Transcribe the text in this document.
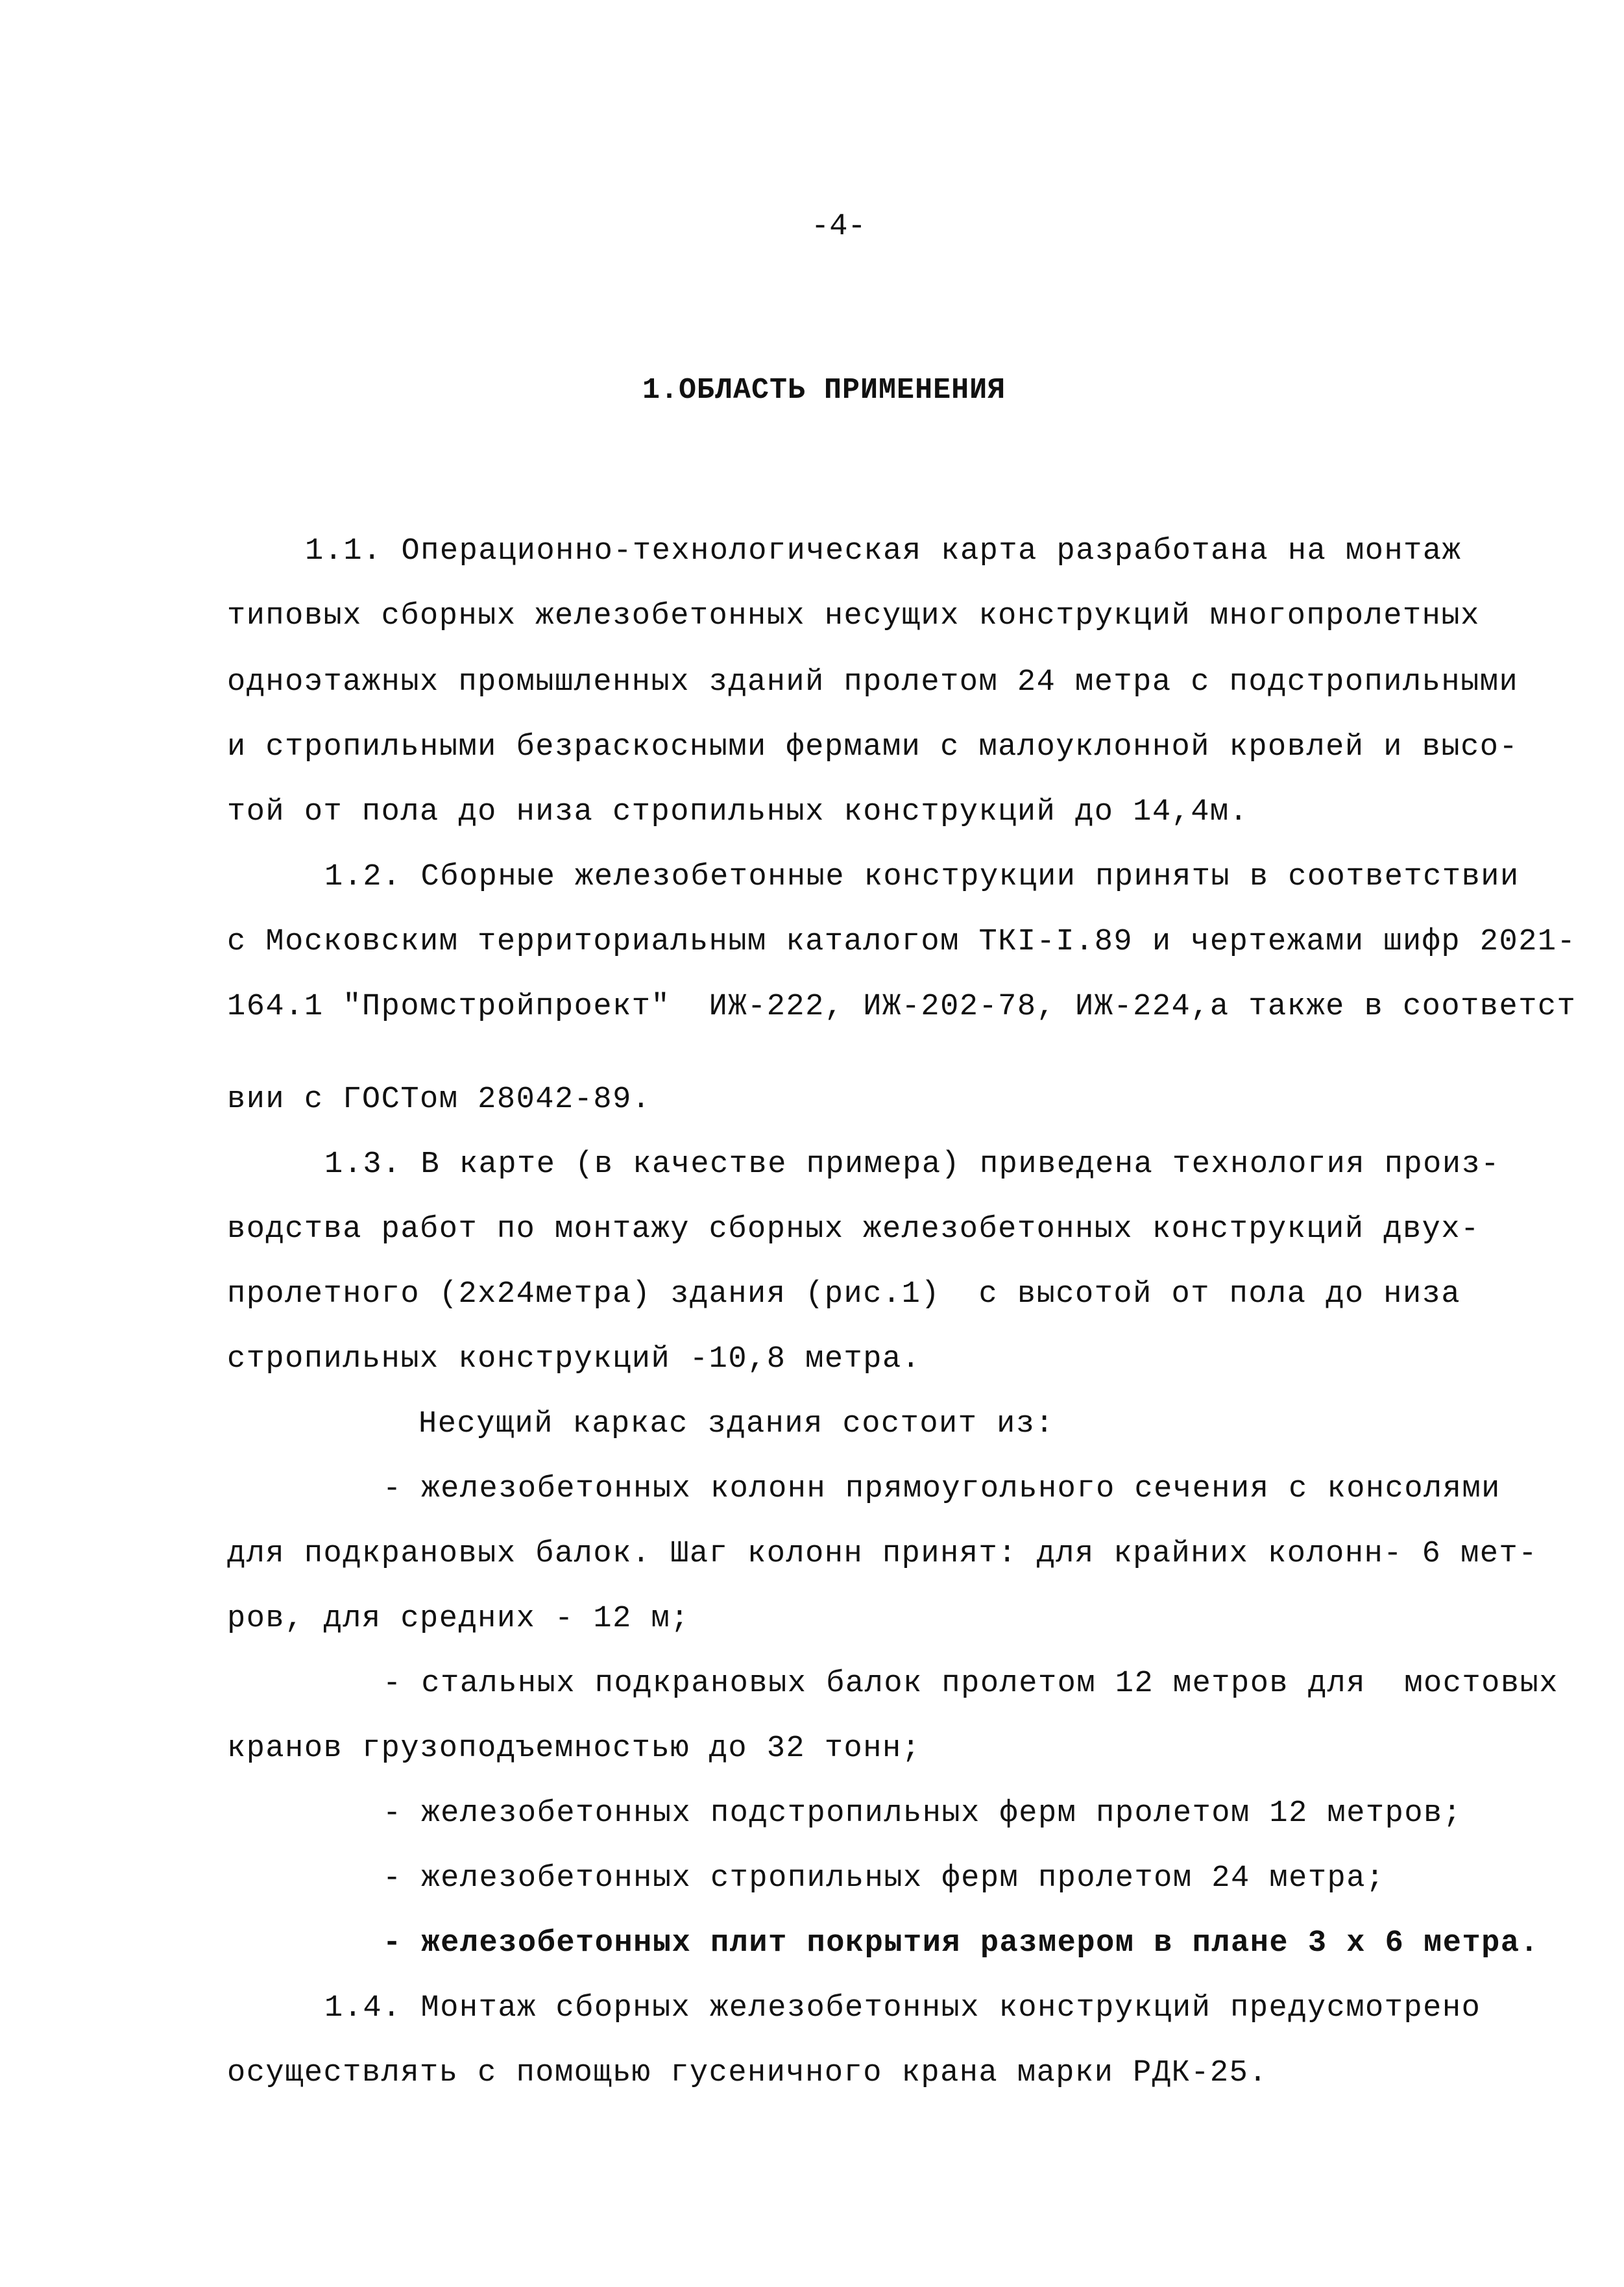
-4-
1.ОБЛАСТЬ ПРИМЕНЕНИЯ
1.1. Операционно-технологическая карта разработана на монтаж
типовых сборных железобетонных несущих конструкций многопролетных
одноэтажных промышленных зданий пролетом 24 метра с подстропильными
и стропильными безраскосными фермами с малоуклонной кровлей и высо-
той от пола до низа стропильных конструкций до 14,4м.
1.2. Сборные железобетонные конструкции приняты в соответствии
с Московским территориальным каталогом ТКI-I.89 и чертежами шифр 2021-
164.1 "Промстройпроект"  ИЖ-222, ИЖ-202-78, ИЖ-224,а также в соответст
вии с ГОСТом 28042-89.
1.3. В карте (в качестве примера) приведена технология произ-
водства работ по монтажу сборных железобетонных конструкций двух-
пролетного (2х24метра) здания (рис.1)  с высотой от пола до низа
стропильных конструкций -10,8 метра.
Несущий каркас здания состоит из:
- железобетонных колонн прямоугольного сечения с консолями
для подкрановых балок. Шаг колонн принят: для крайних колонн- 6 мет-
ров, для средних - 12 м;
- стальных подкрановых балок пролетом 12 метров для  мостовых
кранов грузоподъемностью до 32 тонн;
- железобетонных подстропильных ферм пролетом 12 метров;
- железобетонных стропильных ферм пролетом 24 метра;
- железобетонных плит покрытия размером в плане 3 х 6 метра.
1.4. Монтаж сборных железобетонных конструкций предусмотрено
осуществлять с помощью гусеничного крана марки РДК-25.
